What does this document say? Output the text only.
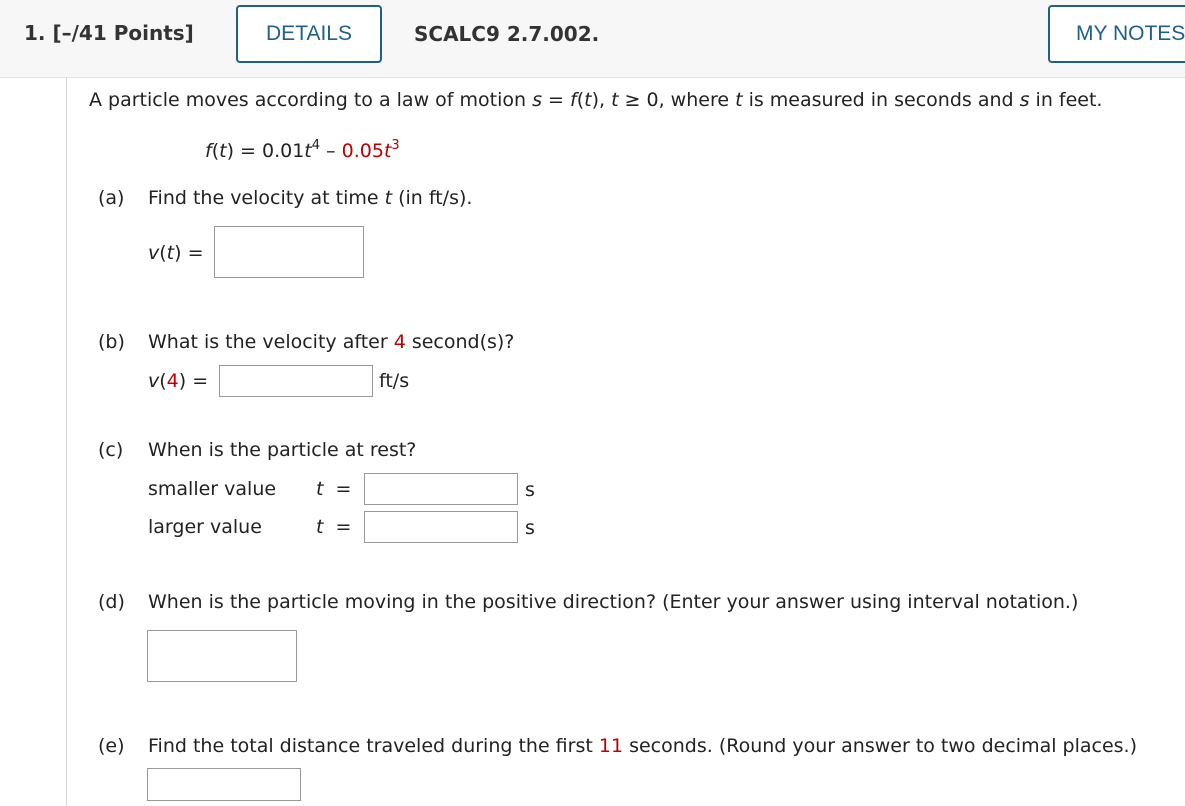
1. [–/41 Points]	DETAILS	SCALC9 2.7.002.	MY NOTES
A particle moves according to a law of motion s = f(t), t ≥ 0, where t is measured in seconds and s in feet.
$f(t) = 0.01t^4 - 0.05t^3$
(a) Find the velocity at time t (in ft/s).
v(t) =
(b) What is the velocity after 4 second(s)?
v(4) =	ft/s
(c) When is the particle at rest?
smaller value t =	s
larger value	t =	s
(d) When is the particle moving in the positive direction? (Enter your answer using interval notation.)
(e) Find the total distance traveled during the first 11 seconds. (Round your answer to two decimal places.)
